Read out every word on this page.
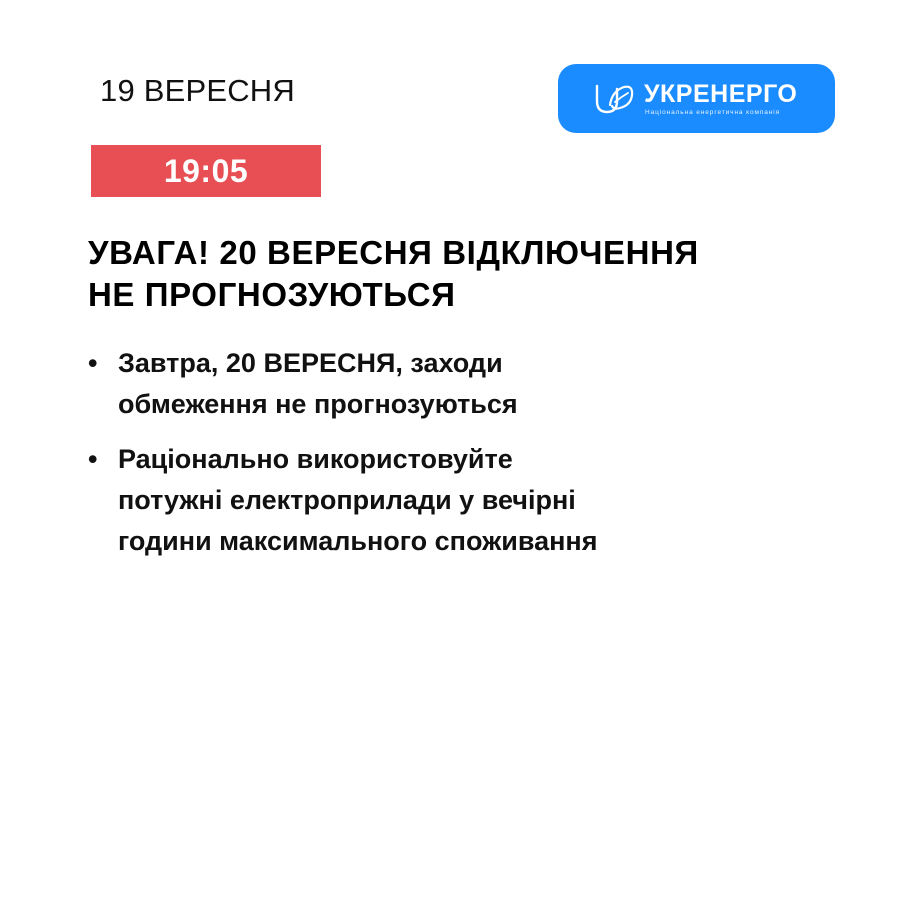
19 ВЕРЕСНЯ	УКРЕНЕРГО
Національна енергетична компанія
19:05
УВАГА! 20 ВЕРЕСНЯ ВІДКЛЮЧЕННЯ
НЕ ПРОГНОЗУЮТЬСЯ
• Завтра, 20 ВЕРЕСНЯ, заходи
обмеження не прогнозуються
• Раціонально використовуйте
потужні електроприлади у вечірні
години максимального споживання
